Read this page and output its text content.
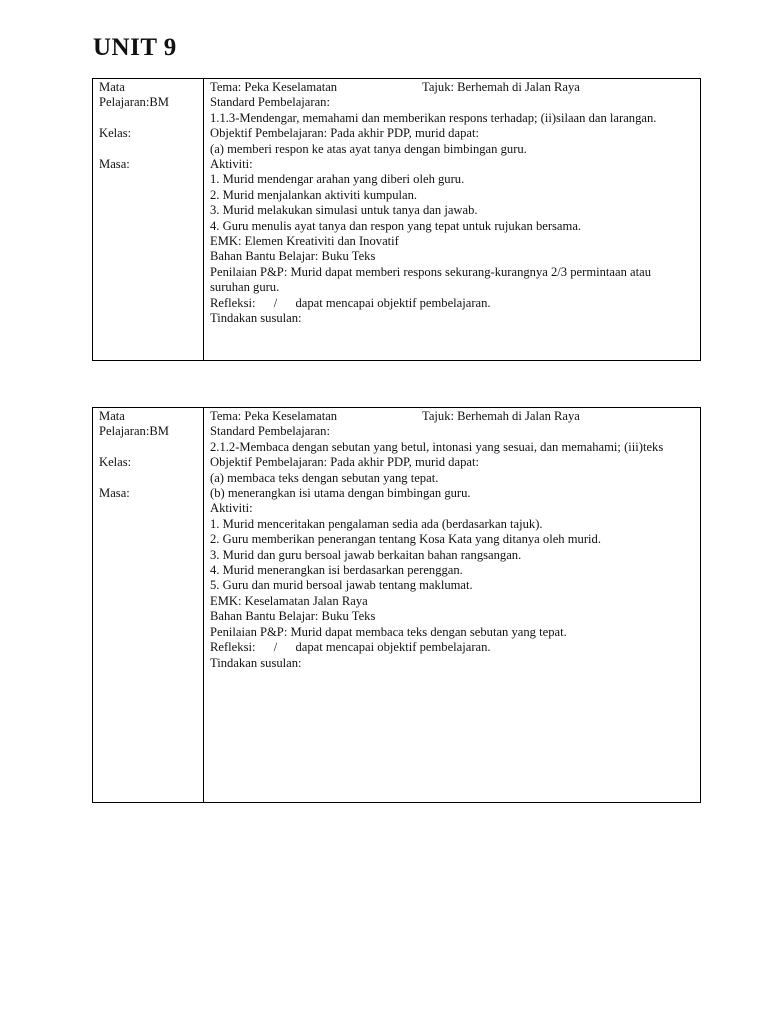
UNIT 9
Mata
Pelajaran:BM
Kelas:
Masa:
Tema: Peka Keselamatan	Tajuk: Berhemah di Jalan Raya
Standard Pembelajaran:
1.1.3-Mendengar, memahami dan memberikan respons terhadap; (ii)silaan dan larangan.
Objektif Pembelajaran: Pada akhir PDP, murid dapat:
(a) memberi respon ke atas ayat tanya dengan bimbingan guru.
Aktiviti:
1. Murid mendengar arahan yang diberi oleh guru.
2. Murid menjalankan aktiviti kumpulan.
3. Murid melakukan simulasi untuk tanya dan jawab.
4. Guru menulis ayat tanya dan respon yang tepat untuk rujukan bersama.
EMK: Elemen Kreativiti dan Inovatif
Bahan Bantu Belajar: Buku Teks
Penilaian P&P: Murid dapat memberi respons sekurang-kurangnya 2/3 permintaan atau suruhan guru.
Refleksi: / dapat mencapai objektif pembelajaran.
Tindakan susulan:
Mata
Pelajaran:BM
Kelas:
Masa:
Tema: Peka Keselamatan	Tajuk: Berhemah di Jalan Raya
Standard Pembelajaran:
2.1.2-Membaca dengan sebutan yang betul, intonasi yang sesuai, dan memahami; (iii)teks
Objektif Pembelajaran: Pada akhir PDP, murid dapat:
(a) membaca teks dengan sebutan yang tepat.
(b) menerangkan isi utama dengan bimbingan guru.
Aktiviti:
1. Murid menceritakan pengalaman sedia ada (berdasarkan tajuk).
2. Guru memberikan penerangan tentang Kosa Kata yang ditanya oleh murid.
3. Murid dan guru bersoal jawab berkaitan bahan rangsangan.
4. Murid menerangkan isi berdasarkan perenggan.
5. Guru dan murid bersoal jawab tentang maklumat.
EMK: Keselamatan Jalan Raya
Bahan Bantu Belajar: Buku Teks
Penilaian P&P: Murid dapat membaca teks dengan sebutan yang tepat.
Refleksi: / dapat mencapai objektif pembelajaran.
Tindakan susulan:
